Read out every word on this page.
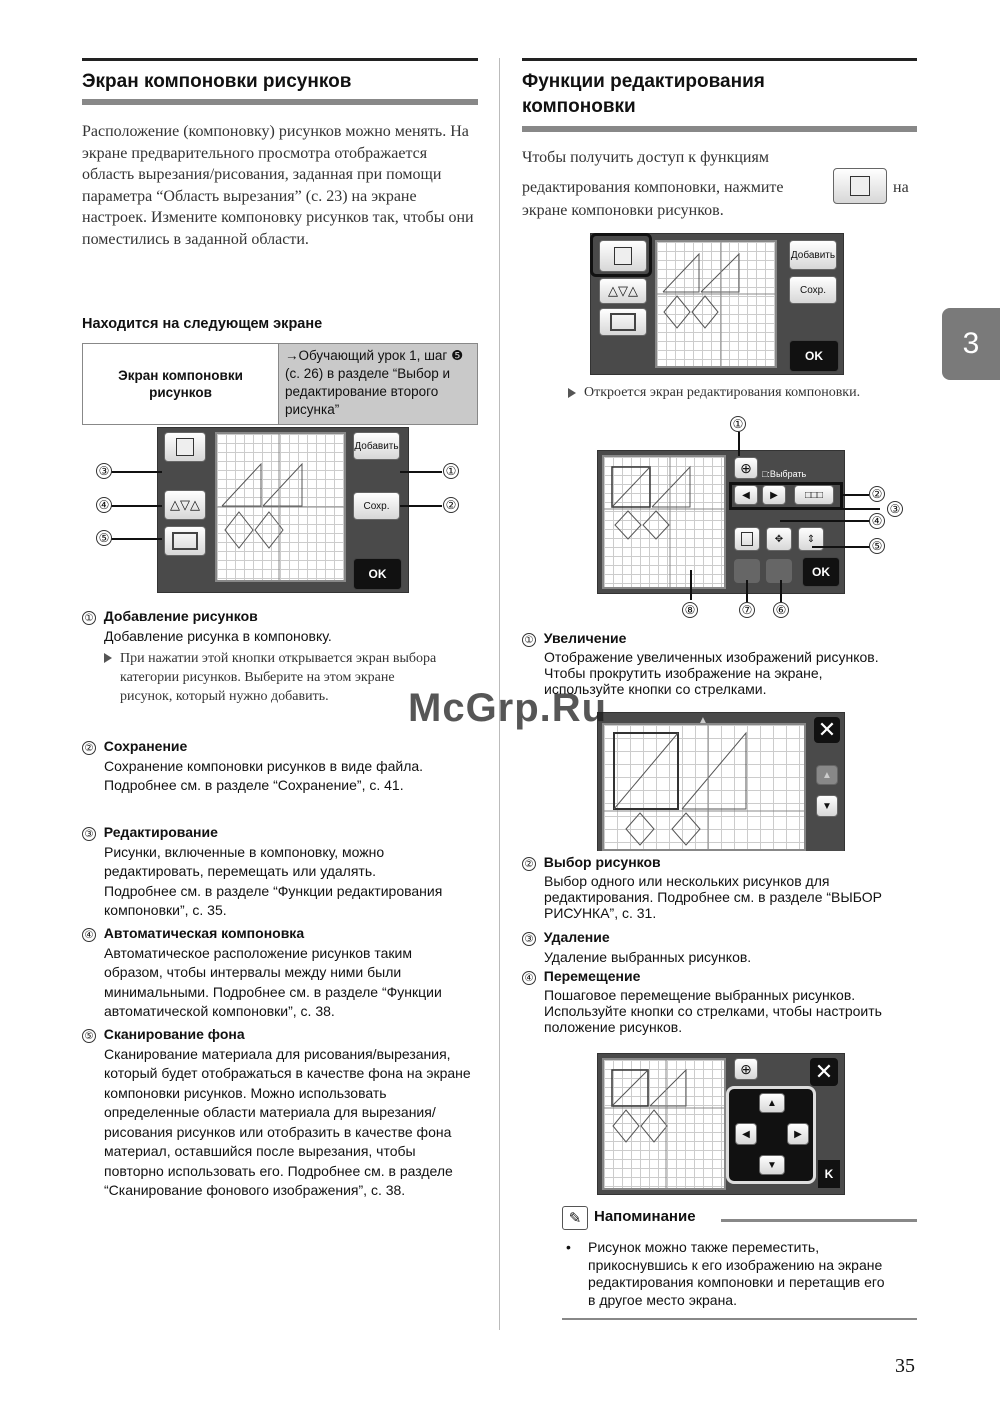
Экран компоновки рисунков
Расположение (компоновку) рисунков можно менять. На экране предварительного просмотра отображается область вырезания/рисования, заданная при помощи параметра “Область вырезания” (с. 23) на экране настроек. Измените компоновку рисунков так, чтобы они поместились в заданной области.
Находится на следующем экране
Экран компоновки рисунков
→Обучающий урок 1, шаг ❺ (с. 26) в разделе “Выбор и редактирование второго рисунка”
△▽△
Добавить
Сохр.
OK
③
④
⑤
①
②
① Добавление рисунков
Добавление рисунка в компоновку.
При нажатии этой кнопки открывается экран выбора категории рисунков. Выберите на этом экране рисунок, который нужно добавить.
② Сохранение
Сохранение компоновки рисунков в виде файла. Подробнее см. в разделе “Сохранение”, с. 41.
③ Редактирование
Рисунки, включенные в компоновку, можно редактировать, перемещать или удалять. Подробнее см. в разделе “Функции редактирования компоновки”, с. 35.
④ Автоматическая компоновка
Автоматическое расположение рисунков таким образом, чтобы интервалы между ними были минимальными. Подробнее см. в разделе “Функции автоматической компоновки”, с. 38.
⑤ Сканирование фона
Сканирование материала для рисования/вырезания, который будет отображаться в качестве фона на экране компоновки рисунков. Можно использовать определенные области материала для вырезания/рисования рисунков или отобразить в качестве фона материал, оставшийся после вырезания, чтобы повторно использовать его. Подробнее см. в разделе “Сканирование фонового изображения”, с. 38.
Функции редактирования
компоновки
Чтобы получить доступ к функциям
редактирования компоновки, нажмите	на
экране компоновки рисунков.
△▽△
Добавить
Сохр.
OK
Откроется экран редактирования компоновки.
⊕ □:Выбрать
◀ ▶	□□□
✥ ⇕
OK
①
②
③
④
⑤
⑥
⑦
⑧
① Увеличение
Отображение увеличенных изображений рисунков. Чтобы прокрутить изображение на экране, используйте кнопки со стрелками.
▲	✕
▲
▼
② Выбор рисунков
Выбор одного или нескольких рисунков для редактирования. Подробнее см. в разделе “ВЫБОР РИСУНКА”, с. 31.
③ Удаление
Удаление выбранных рисунков.
④ Перемещение
Пошаговое перемещение выбранных рисунков. Используйте кнопки со стрелками, чтобы настроить положение рисунков.
⊕	✕
▲
◀	▶
▼
K
✎ Напоминание
• Рисунок можно также переместить, прикоснувшись к его изображению на экране редактирования компоновки и перетащив его в другое место экрана.
3
McGrp.Ru
35
